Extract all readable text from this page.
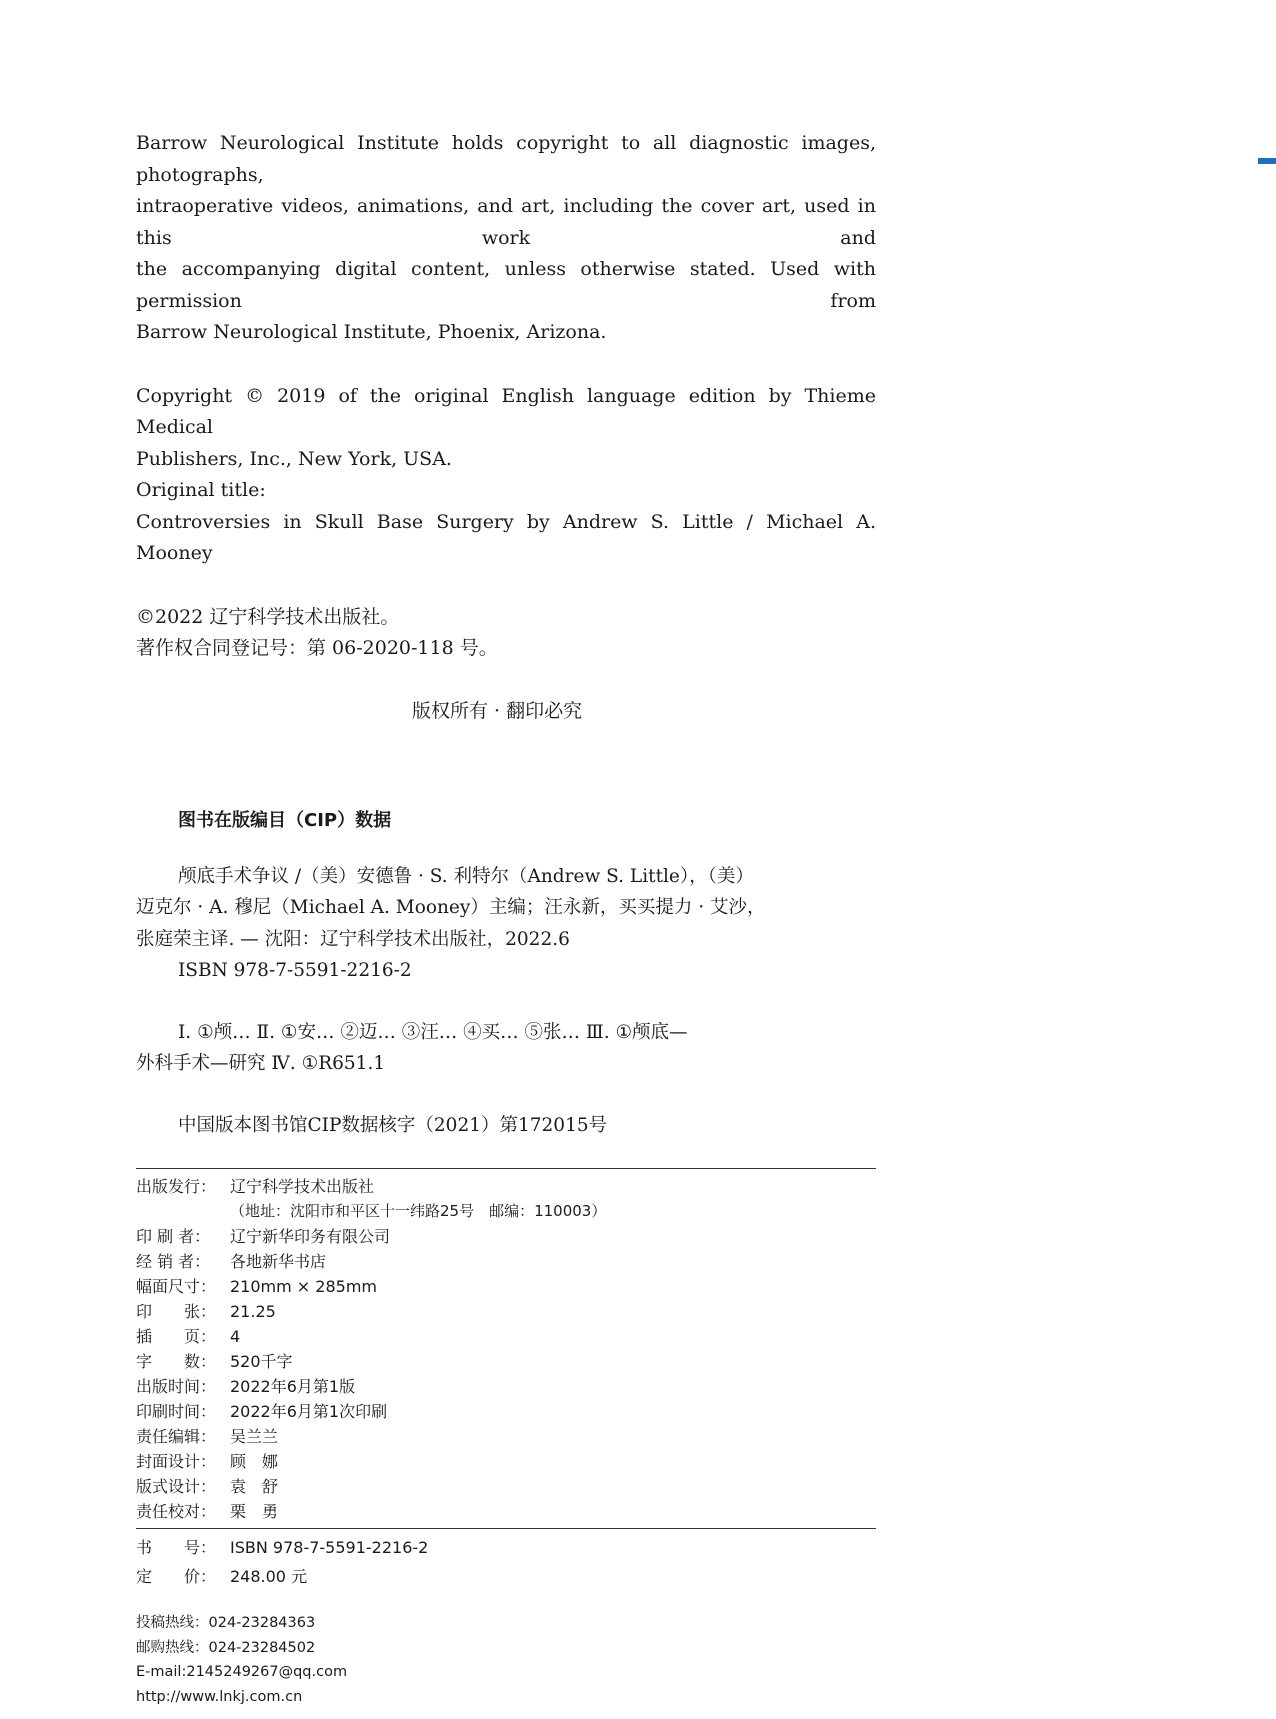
Barrow Neurological Institute holds copyright to all diagnostic images, photographs,

intraoperative videos, animations, and art, including the cover art, used in this work and

the accompanying digital content, unless otherwise stated. Used with permission from

Barrow Neurological Institute, Phoenix, Arizona.

Copyright © 2019 of the original English language edition by Thieme Medical

Publishers, Inc., New York, USA.

Original title:

Controversies in Skull Base Surgery by Andrew S. Little / Michael A. Mooney

©2022 辽宁科学技术出版社。

著作权合同登记号：第 06-2020-118 号。

版权所有 · 翻印必究
图书在版编目（CIP）数据
颅底手术争议 /（美）安德鲁 · S. 利特尔（Andrew S. Little），（美）
迈克尔 · A. 穆尼（Michael A. Mooney）主编；汪永新，买买提力 · 艾沙，
张庭荣主译. — 沈阳：辽宁科学技术出版社，2022.6
ISBN 978-7-5591-2216-2
Ⅰ. ①颅… Ⅱ. ①安… ②迈… ③汪… ④买… ⑤张… Ⅲ. ①颅底—
外科手术—研究 Ⅳ. ①R651.1
中国版本图书馆CIP数据核字（2021）第172015号
出版发行： 辽宁科学技术出版社
（地址：沈阳市和平区十一纬路25号　邮编：110003）
印 刷 者：	辽宁新华印务有限公司
经 销 者：	各地新华书店
幅面尺寸： 210mm × 285mm
印　　张： 21.25
插　　页： 4
字　　数： 520千字
出版时间： 2022年6月第1版
印刷时间： 2022年6月第1次印刷
责任编辑： 吴兰兰
封面设计： 顾　娜
版式设计： 袁　舒
责任校对： 栗　勇
书　　号： ISBN 978-7-5591-2216-2
定　　价： 248.00 元
投稿热线：024-23284363
邮购热线：024-23284502
E-mail:2145249267@qq.com
http://www.lnkj.com.cn
